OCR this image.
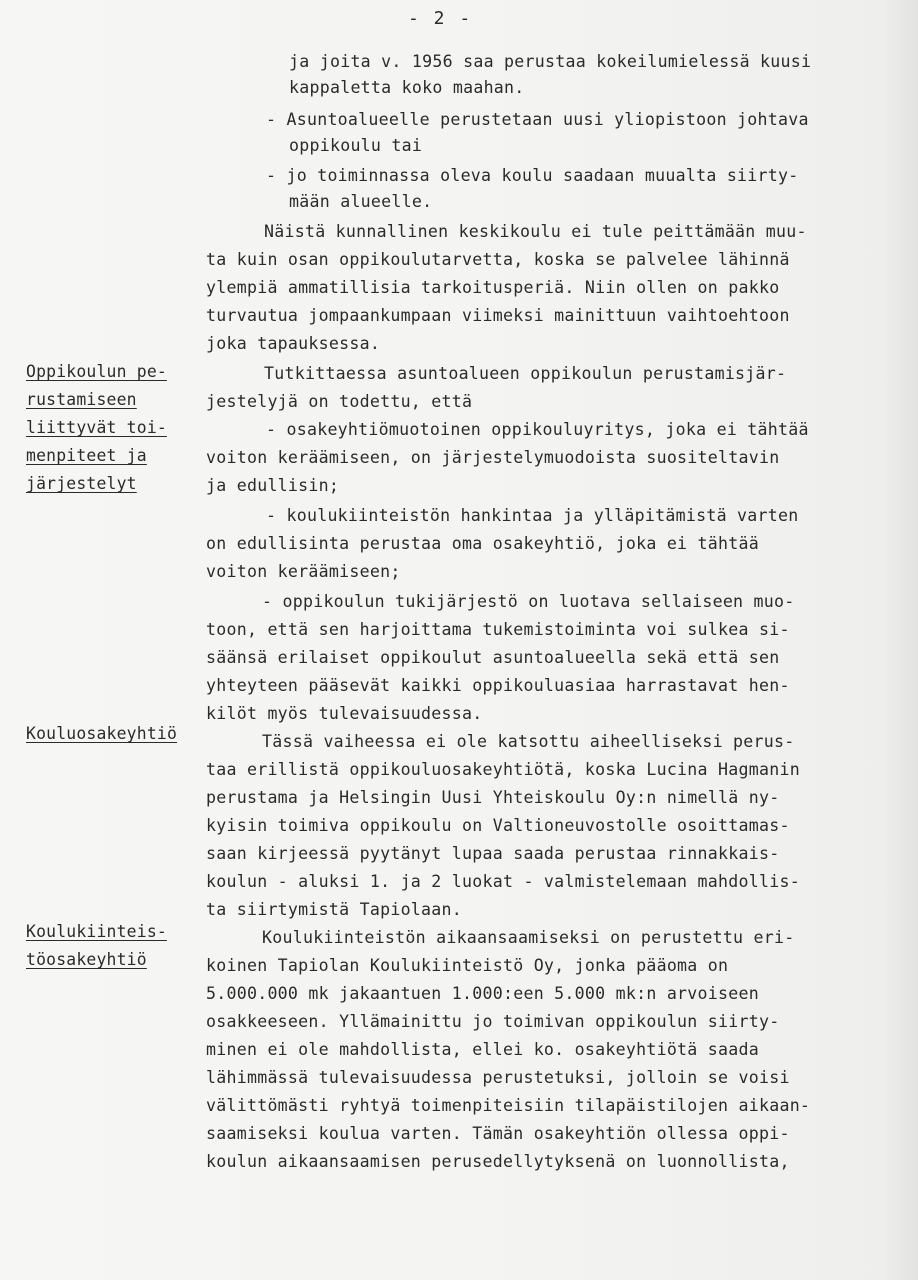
- 2 -
ja joita v. 1956 saa perustaa kokeilumielessä kuusi
kappaletta koko maahan.
- Asuntoalueelle perustetaan uusi yliopistoon johtava
oppikoulu tai
- jo toiminnassa oleva koulu saadaan muualta siirty-
mään alueelle.
Näistä kunnallinen keskikoulu ei tule peittämään muu-
ta kuin osan oppikoulutarvetta, koska se palvelee lähinnä
ylempiä ammatillisia tarkoitusperiä. Niin ollen on pakko
turvautua jompaankumpaan viimeksi mainittuun vaihtoehtoon
joka tapauksessa.
Tutkittaessa asuntoalueen oppikoulun perustamisjär-
jestelyjä on todettu, että
- osakeyhtiömuotoinen oppikouluyritys, joka ei tähtää
voiton keräämiseen, on järjestelymuodoista suositeltavin
ja edullisin;
- koulukiinteistön hankintaa ja ylläpitämistä varten
on edullisinta perustaa oma osakeyhtiö, joka ei tähtää
voiton keräämiseen;
- oppikoulun tukijärjestö on luotava sellaiseen muo-
toon, että sen harjoittama tukemistoiminta voi sulkea si-
säänsä erilaiset oppikoulut asuntoalueella sekä että sen
yhteyteen pääsevät kaikki oppikouluasiaa harrastavat hen-
kilöt myös tulevaisuudessa.
Tässä vaiheessa ei ole katsottu aiheelliseksi perus-
taa erillistä oppikouluosakeyhtiötä, koska Lucina Hagmanin
perustama ja Helsingin Uusi Yhteiskoulu Oy:n nimellä ny-
kyisin toimiva oppikoulu on Valtioneuvostolle osoittamas-
saan kirjeessä pyytänyt lupaa saada perustaa rinnakkais-
koulun - aluksi 1. ja 2 luokat - valmistelemaan mahdollis-
ta siirtymistä Tapiolaan.
Koulukiinteistön aikaansaamiseksi on perustettu eri-
koinen Tapiolan Koulukiinteistö Oy, jonka pääoma on
5.000.000 mk jakaantuen 1.000:een 5.000 mk:n arvoiseen
osakkeeseen. Yllämainittu jo toimivan oppikoulun siirty-
minen ei ole mahdollista, ellei ko. osakeyhtiötä saada
lähimmässä tulevaisuudessa perustetuksi, jolloin se voisi
välittömästi ryhtyä toimenpiteisiin tilapäistilojen aikaan-
saamiseksi koulua varten. Tämän osakeyhtiön ollessa oppi-
koulun aikaansaamisen perusedellytyksenä on luonnollista,
Oppikoulun pe-
rustamiseen
liittyvät toi-
menpiteet ja
järjestelyt
Kouluosakeyhtiö
Koulukiinteis-
töosakeyhtiö
